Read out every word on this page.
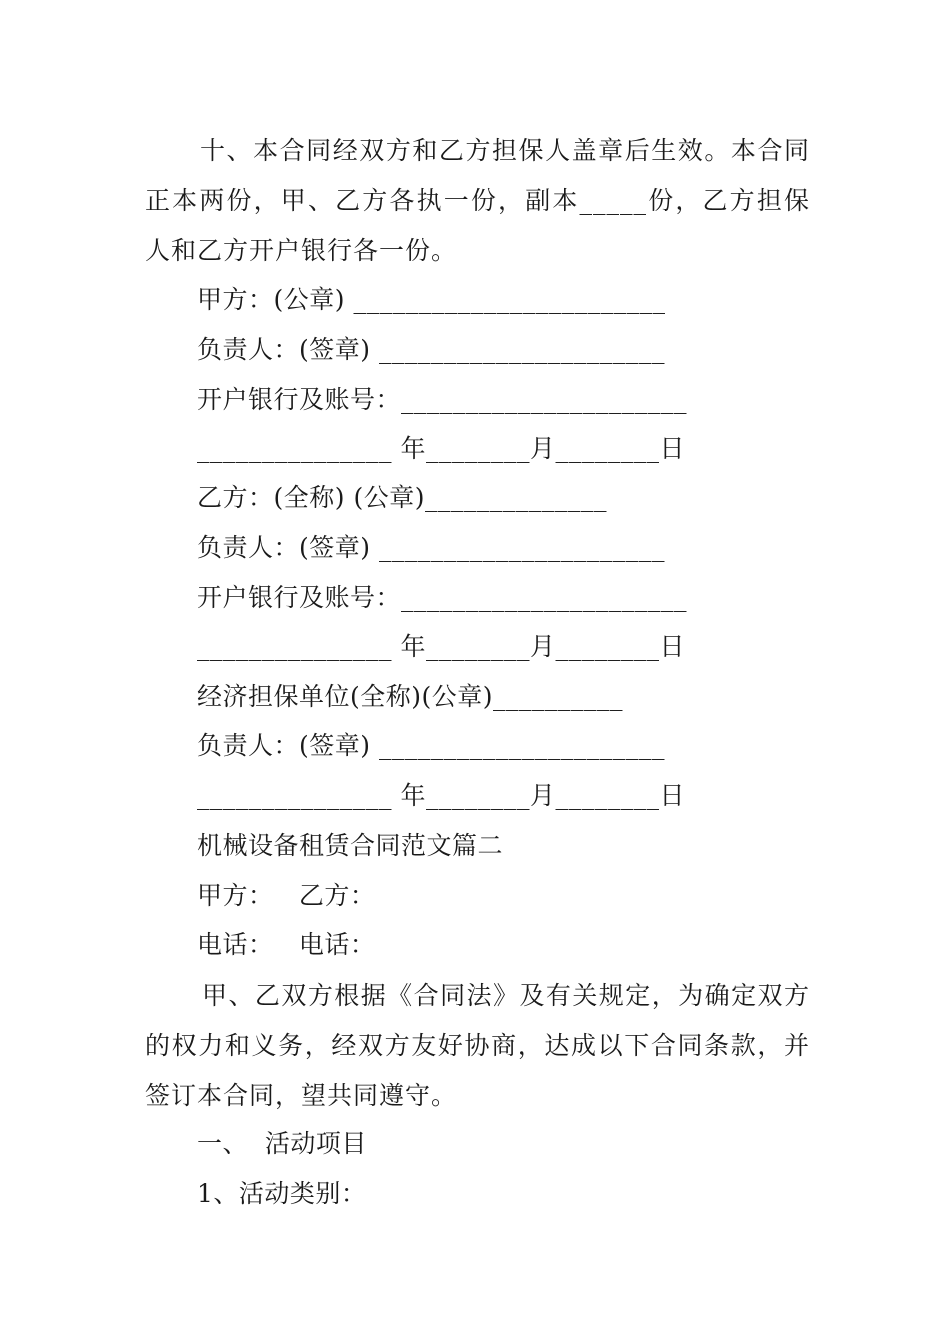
十、本合同经双方和乙方担保人盖章后生效。本合同正本两份，甲、乙方各执一份，副本_____份，乙方担保人和乙方开户银行各一份。
甲方：(公章) ________________________
负责人：(签章) ______________________
开户银行及账号：______________________
_______________ 年________月________日
乙方：(全称) (公章)______________
负责人：(签章) ______________________
开户银行及账号：______________________
_______________ 年________月________日
经济担保单位(全称)(公章)__________
负责人：(签章) ______________________
_______________ 年________月________日
机械设备租赁合同范文篇二
甲方：   乙方：
电话：   电话：
甲、乙双方根据《合同法》及有关规定，为确定双方的权力和义务，经双方友好协商，达成以下合同条款，并签订本合同，望共同遵守。
一、  活动项目
1、活动类别：
